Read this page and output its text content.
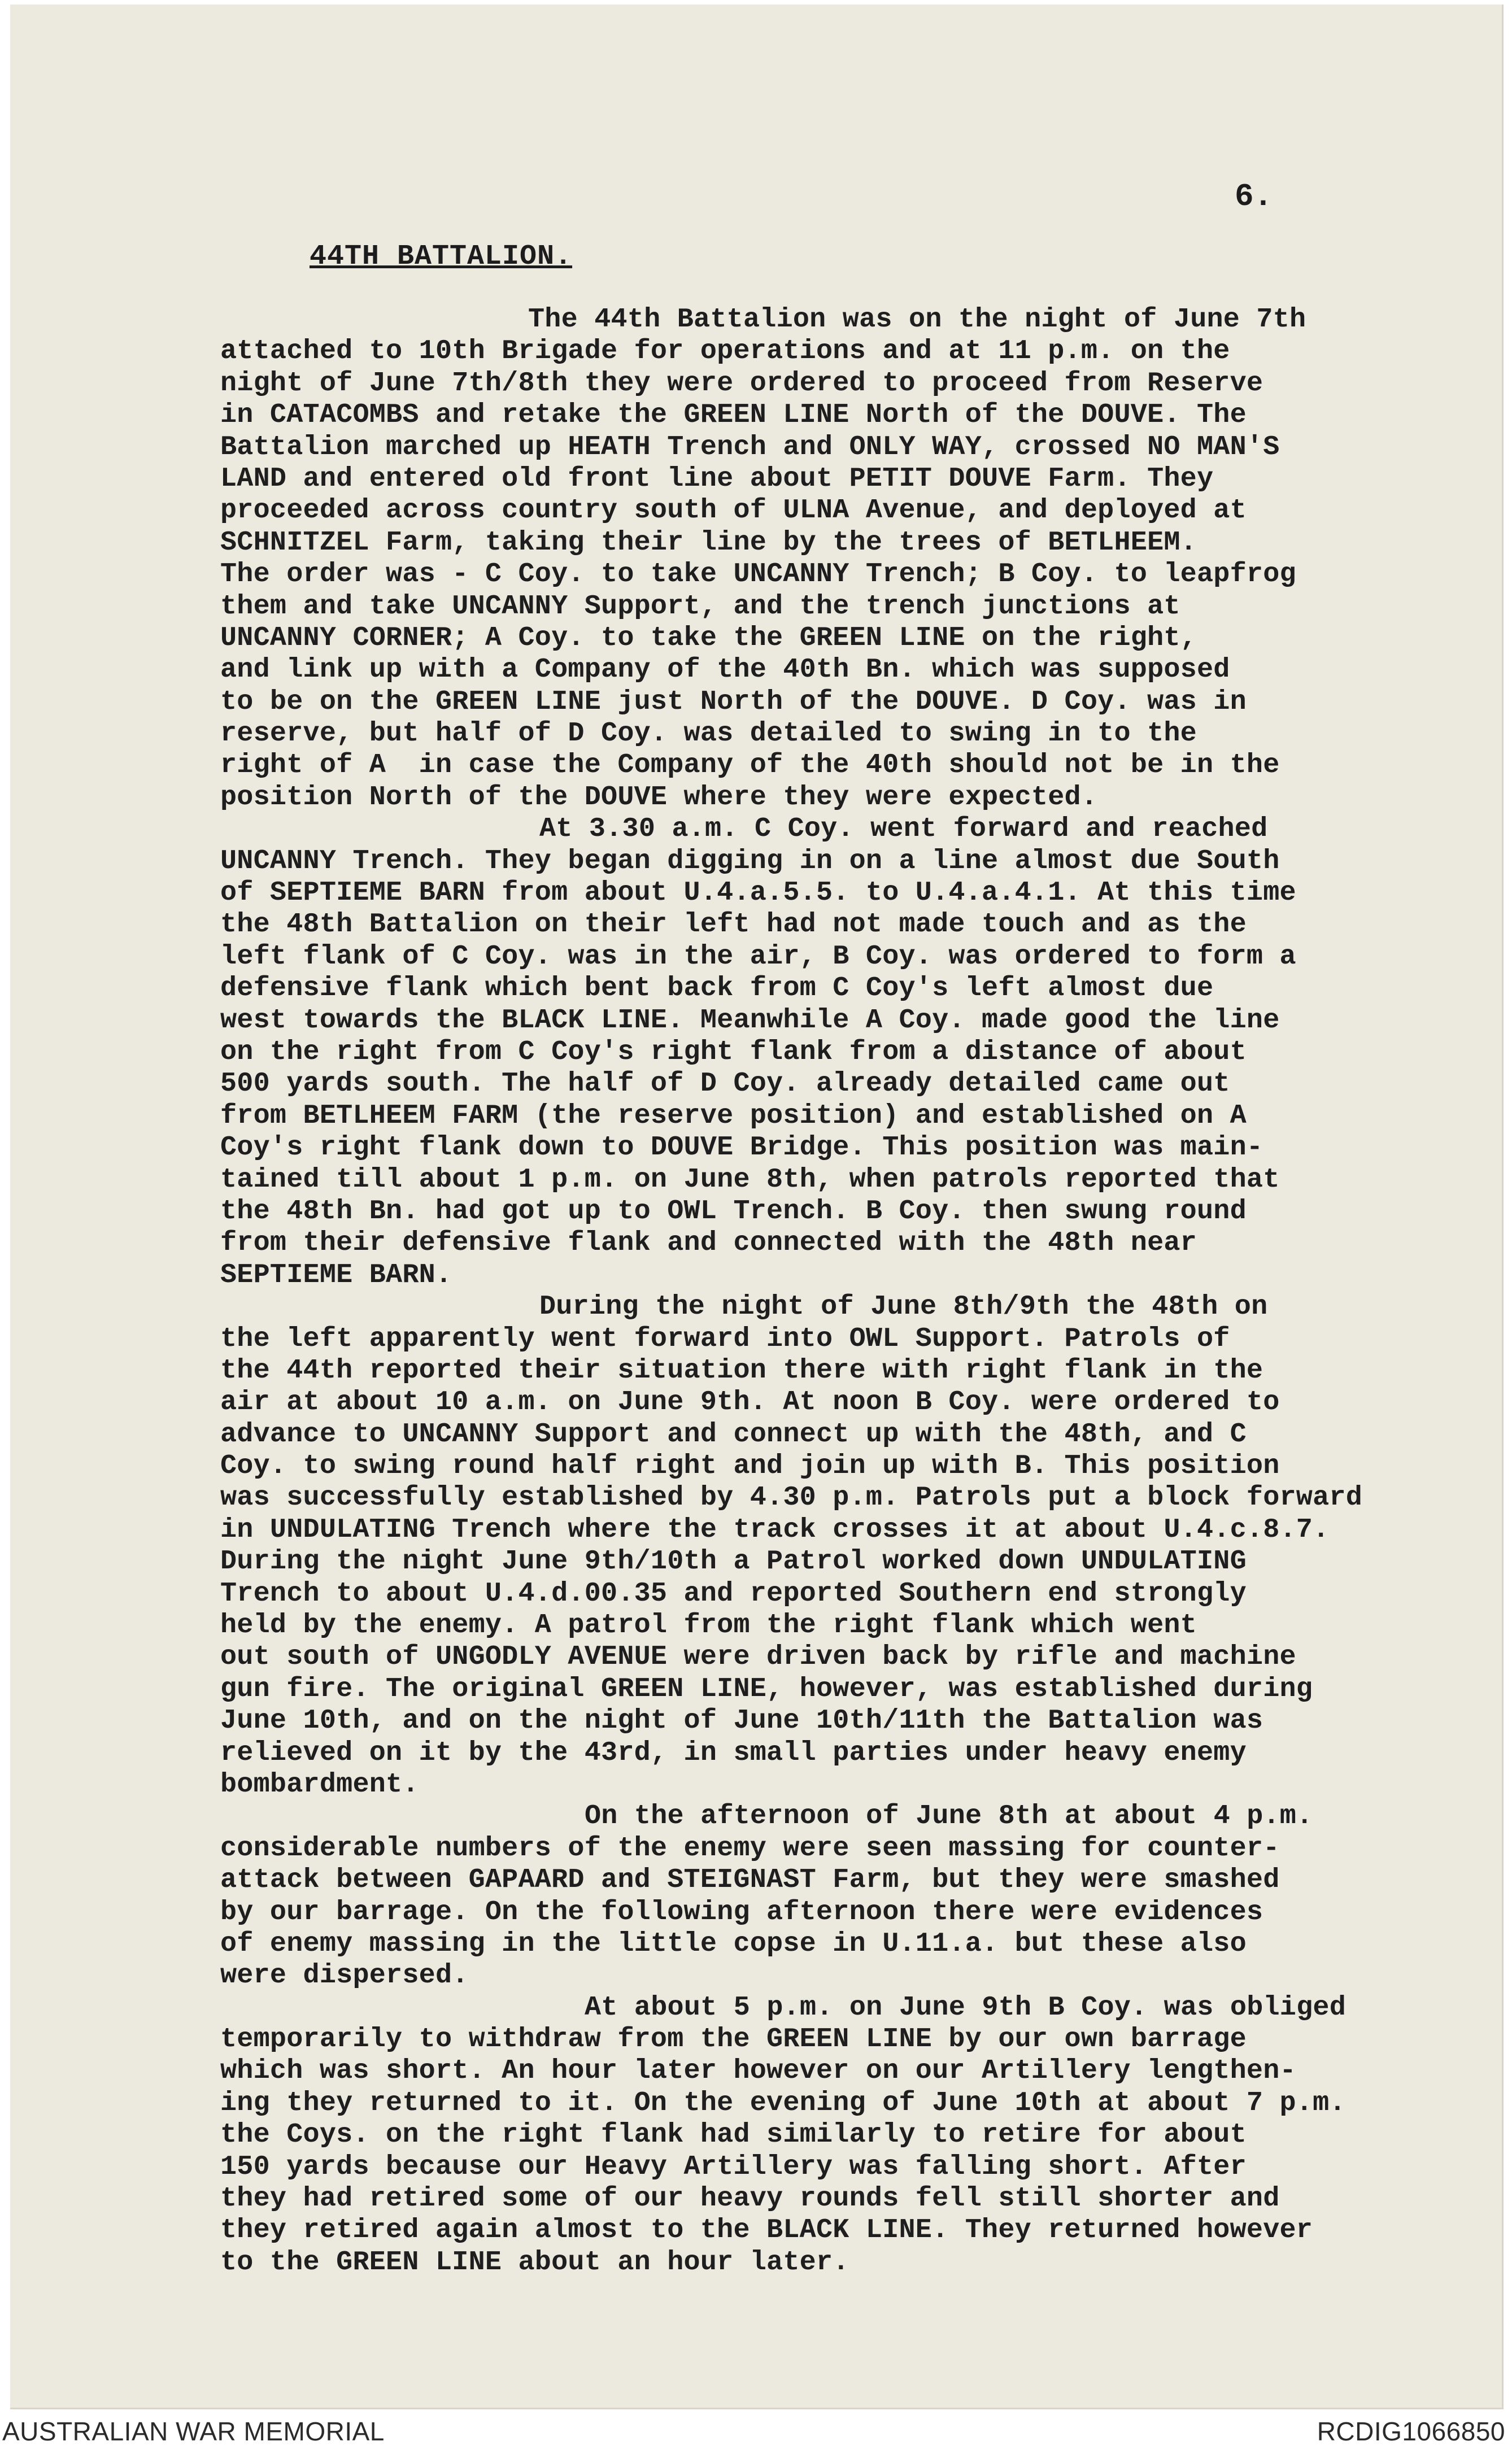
6.
44TH BATTALION.
The 44th Battalion was on the night of June 7th
attached to 10th Brigade for operations and at 11 p.m. on the
night of June 7th/8th they were ordered to proceed from Reserve
in CATACOMBS and retake the GREEN LINE North of the DOUVE. The
Battalion marched up HEATH Trench and ONLY WAY, crossed NO MAN'S
LAND and entered old front line about PETIT DOUVE Farm. They
proceeded across country south of ULNA Avenue, and deployed at
SCHNITZEL Farm, taking their line by the trees of BETLHEEM.
The order was - C Coy. to take UNCANNY Trench; B Coy. to leapfrog
them and take UNCANNY Support, and the trench junctions at
UNCANNY CORNER; A Coy. to take the GREEN LINE on the right,
and link up with a Company of the 40th Bn. which was supposed
to be on the GREEN LINE just North of the DOUVE. D Coy. was in
reserve, but half of D Coy. was detailed to swing in to the
right of A  in case the Company of the 40th should not be in the
position North of the DOUVE where they were expected.
At 3.30 a.m. C Coy. went forward and reached
UNCANNY Trench. They began digging in on a line almost due South
of SEPTIEME BARN from about U.4.a.5.5. to U.4.a.4.1. At this time
the 48th Battalion on their left had not made touch and as the
left flank of C Coy. was in the air, B Coy. was ordered to form a
defensive flank which bent back from C Coy's left almost due
west towards the BLACK LINE. Meanwhile A Coy. made good the line
on the right from C Coy's right flank from a distance of about
500 yards south. The half of D Coy. already detailed came out
from BETLHEEM FARM (the reserve position) and established on A
Coy's right flank down to DOUVE Bridge. This position was main-
tained till about 1 p.m. on June 8th, when patrols reported that
the 48th Bn. had got up to OWL Trench. B Coy. then swung round
from their defensive flank and connected with the 48th near
SEPTIEME BARN.
During the night of June 8th/9th the 48th on
the left apparently went forward into OWL Support. Patrols of
the 44th reported their situation there with right flank in the
air at about 10 a.m. on June 9th. At noon B Coy. were ordered to
advance to UNCANNY Support and connect up with the 48th, and C
Coy. to swing round half right and join up with B. This position
was successfully established by 4.30 p.m. Patrols put a block forward
in UNDULATING Trench where the track crosses it at about U.4.c.8.7.
During the night June 9th/10th a Patrol worked down UNDULATING
Trench to about U.4.d.00.35 and reported Southern end strongly
held by the enemy. A patrol from the right flank which went
out south of UNGODLY AVENUE were driven back by rifle and machine
gun fire. The original GREEN LINE, however, was established during
June 10th, and on the night of June 10th/11th the Battalion was
relieved on it by the 43rd, in small parties under heavy enemy
bombardment.
On the afternoon of June 8th at about 4 p.m.
considerable numbers of the enemy were seen massing for counter-
attack between GAPAARD and STEIGNAST Farm, but they were smashed
by our barrage. On the following afternoon there were evidences
of enemy massing in the little copse in U.11.a. but these also
were dispersed.
At about 5 p.m. on June 9th B Coy. was obliged
temporarily to withdraw from the GREEN LINE by our own barrage
which was short. An hour later however on our Artillery lengthen-
ing they returned to it. On the evening of June 10th at about 7 p.m.
the Coys. on the right flank had similarly to retire for about
150 yards because our Heavy Artillery was falling short. After
they had retired some of our heavy rounds fell still shorter and
they retired again almost to the BLACK LINE. They returned however
to the GREEN LINE about an hour later.
AUSTRALIAN WAR MEMORIAL	RCDIG1066850
